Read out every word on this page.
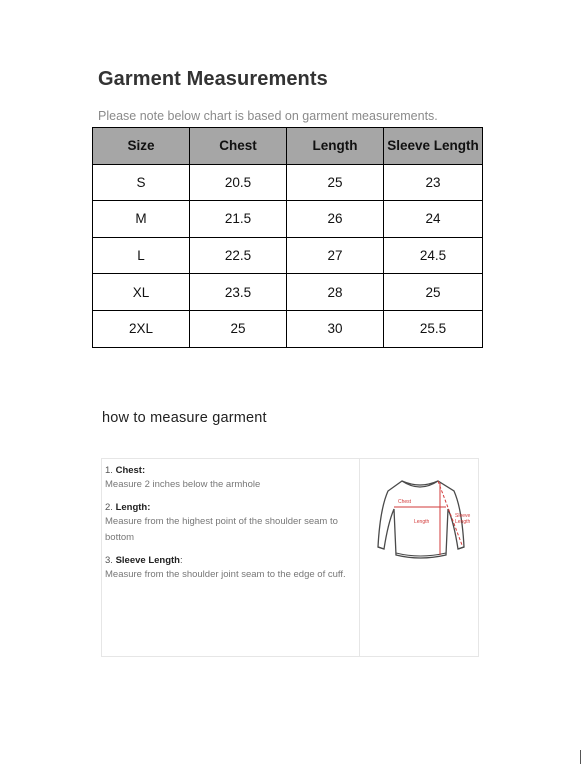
Garment Measurements
Please note below chart is based on garment measurements.
Size	Chest	Length	Sleeve Length
S	20.5	25	23
M	21.5	26	24
L	22.5	27	24.5
XL	23.5	28	25
2XL	25	30	25.5
how to measure garment
1. Chest:
Measure 2 inches below the armhole
2. Length:
Measure from the highest point of the shoulder seam to bottom
3. Sleeve Length:
Measure from the shoulder joint seam to the edge of cuff.
Chest
Length
Sleeve
Length
